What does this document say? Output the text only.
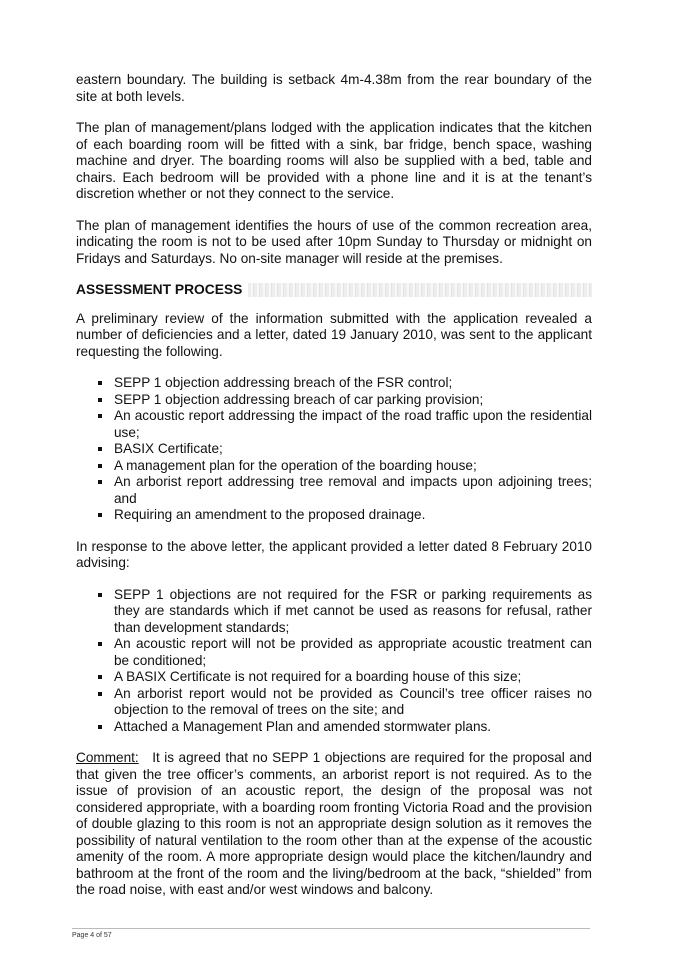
eastern boundary. The building is setback 4m-4.38m from the rear boundary of the site at both levels.

The plan of management/plans lodged with the application indicates that the kitchen of each boarding room will be fitted with a sink, bar fridge, bench space, washing machine and dryer. The boarding rooms will also be supplied with a bed, table and chairs. Each bedroom will be provided with a phone line and it is at the tenant’s discretion whether or not they connect to the service.

The plan of management identifies the hours of use of the common recreation area, indicating the room is not to be used after 10pm Sunday to Thursday or midnight on Fridays and Saturdays. No on-site manager will reside at the premises.

ASSESSMENT PROCESS

A preliminary review of the information submitted with the application revealed a number of deficiencies and a letter, dated 19 January 2010, was sent to the applicant requesting the following.

SEPP 1 objection addressing breach of the FSR control;
SEPP 1 objection addressing breach of car parking provision;
An acoustic report addressing the impact of the road traffic upon the residential use;
BASIX Certificate;
A management plan for the operation of the boarding house;
An arborist report addressing tree removal and impacts upon adjoining trees; and
Requiring an amendment to the proposed drainage.

In response to the above letter, the applicant provided a letter dated 8 February 2010 advising:

SEPP 1 objections are not required for the FSR or parking requirements as they are standards which if met cannot be used as reasons for refusal, rather than development standards;
An acoustic report will not be provided as appropriate acoustic treatment can be conditioned;
A BASIX Certificate is not required for a boarding house of this size;
An arborist report would not be provided as Council’s tree officer raises no objection to the removal of trees on the site; and
Attached a Management Plan and amended stormwater plans.

Comment: It is agreed that no SEPP 1 objections are required for the proposal and that given the tree officer’s comments, an arborist report is not required. As to the issue of provision of an acoustic report, the design of the proposal was not considered appropriate, with a boarding room fronting Victoria Road and the provision of double glazing to this room is not an appropriate design solution as it removes the possibility of natural ventilation to the room other than at the expense of the acoustic amenity of the room. A more appropriate design would place the kitchen/laundry and bathroom at the front of the room and the living/bedroom at the back, “shielded” from the road noise, with east and/or west windows and balcony.

Page 4 of 57
